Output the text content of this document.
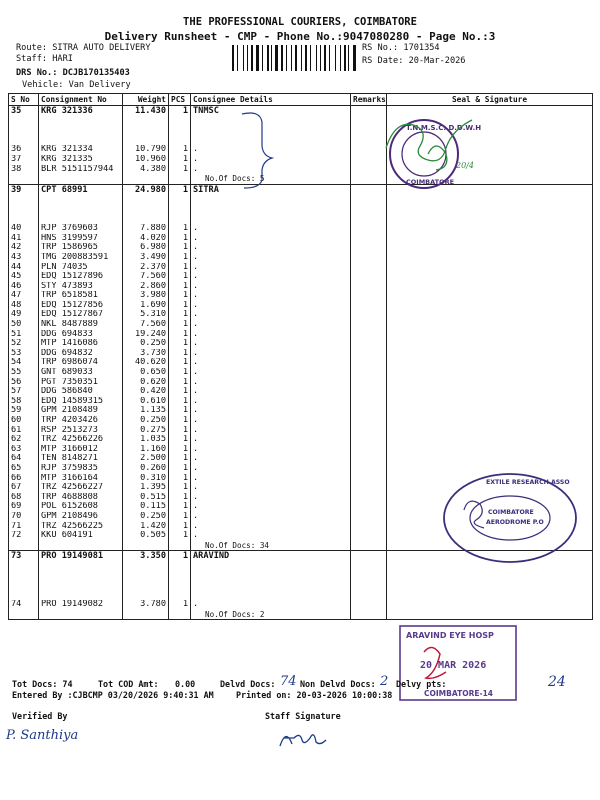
THE PROFESSIONAL COURIERS, COIMBATORE
Delivery Runsheet - CMP - Phone No.:9047080280 - Page No.:3
Route: SITRA AUTO DELIVERY
Staff: HARI
DRS No.: DCJB170135403
Vehicle: Van Delivery
RS No.: 1701354
RS Date: 20-Mar-2026
S No	Consignment No	Weight	PCS	Consignee Details	Remarks	Seal & Signature
35	KRG 321336	11.430	1	TNMSC		

36	KRG 321334	10.790	1	.		
37	KRG 321335	10.960	1	.		
38	BLR 5151157944	4.380	1	.		
				No.Of Docs: 5		
39	CPT 68991	24.980	1	SITRA		

40	RJP 3769603	7.880	1	.		
41	HNS 3199597	4.020	1	.		
42	TRP 1586965	6.980	1	.		
43	TMG 200883591	3.490	1	.		
44	PLN 74035	2.370	1	.		
45	EDQ 15127896	7.560	1	.		
46	STY 473893	2.860	1	.		
47	TRP 6518581	3.980	1	.		
48	EDQ 15127856	1.690	1	.		
49	EDQ 15127867	5.310	1	.		
50	NKL 8487889	7.560	1	.		
51	DDG 694833	19.240	1	.		
52	MTP 1416086	0.250	1	.		
53	DDG 694832	3.730	1	.		
54	TRP 6986074	40.620	1	.		
55	GNT 689033	0.650	1	.		
56	PGT 7350351	0.620	1	.		
57	DDG 586840	0.420	1	.		
58	EDQ 14589315	0.610	1	.		
59	GPM 2108489	1.135	1	.		
60	TRP 4203426	0.250	1	.		
61	RSP 2513273	0.275	1	.		
62	TRZ 42566226	1.035	1	.		
63	MTP 3166012	1.160	1	.		
64	TEN 8148271	2.500	1	.		
65	RJP 3759835	0.260	1	.		
66	MTP 3166164	0.310	1	.		
67	TRZ 42566227	1.395	1	.		
68	TRP 4688808	0.515	1	.		
69	POL 6152608	0.115	1	.		
70	GPM 2108496	0.250	1	.		
71	TRZ 42566225	1.420	1	.		
72	KKU 604191	0.505	1	.		
				No.Of Docs: 34		
73	PRO 19149081	3.350	1	ARAVIND		

74	PRO 19149082	3.780	1	.		
				No.Of Docs: 2		
T.N.M.S.C. D.D.W.H
COIMBATORE
20/4
EXTILE RESEARCH ASSO
COIMBATORE
AERODROME P.O
ARAVIND EYE HOSP
20 MAR 2026
COIMBATORE-14
Tot Docs: 74	Tot COD Amt: 0.00	Delvd Docs: 74 Non Delvd Docs: 2 Delvy pts:	24
Entered By :CJBCMP 03/20/2026 9:40:31 AM	Printed on: 20-03-2026 10:00:38
Verified By	Staff Signature
P. Santhiya
